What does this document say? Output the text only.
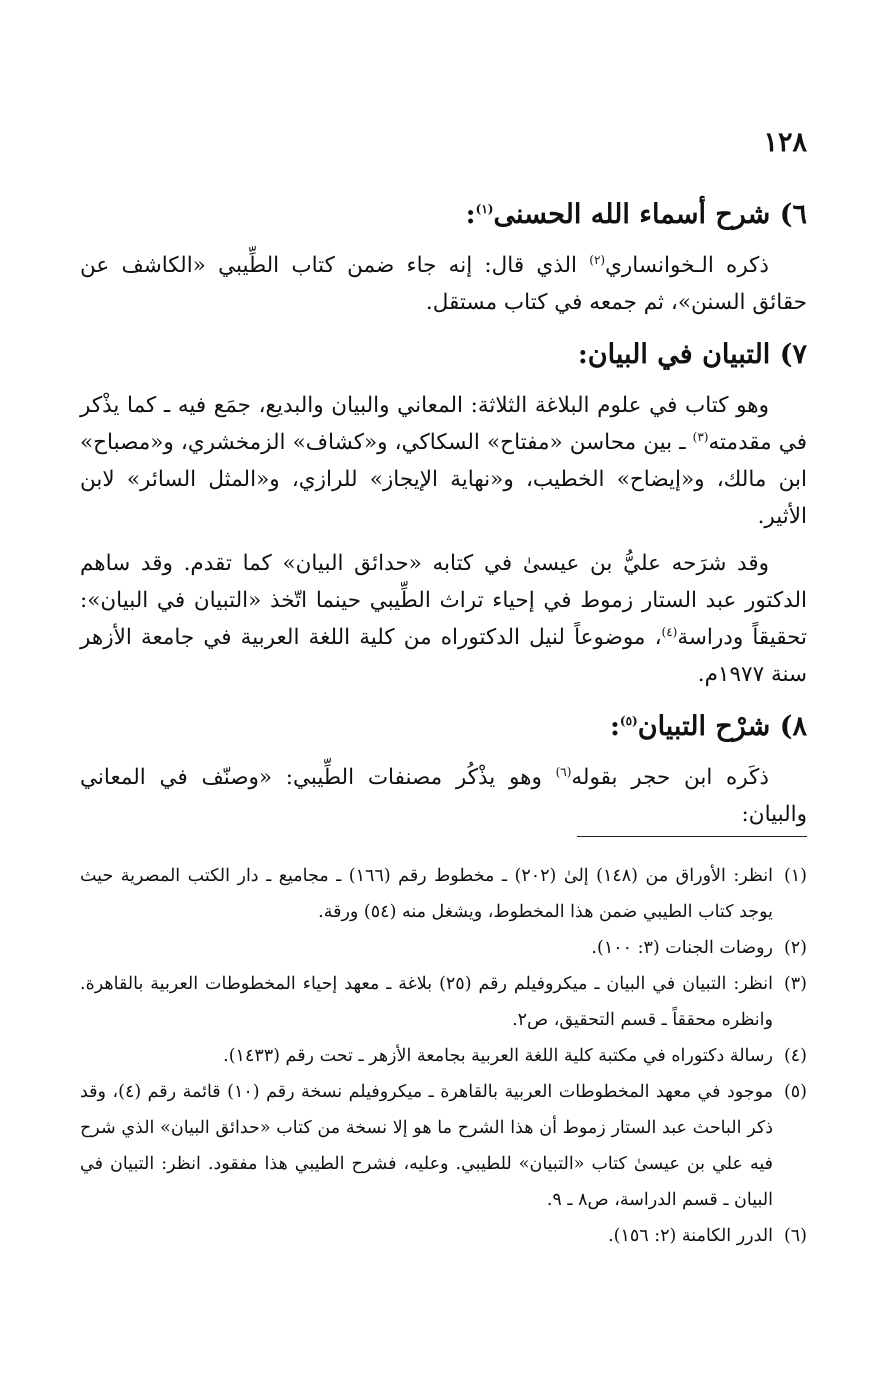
١٢٨
٦) شرح أسماء الله الحسنى$^{(١)}$:

ذكره الـخوانساري$^{(٢)}$ الذي قال: إنه جاء ضمن كتاب الطِّيبي «الكاشف عن حقائق السنن»، ثم جمعه في كتاب مستقل.

٧) التبيان في البيان:

وهو كتاب في علوم البلاغة الثلاثة: المعاني والبيان والبديع، جمَع فيه ـ كما يذْكر في مقدمته$^{(٣)}$ ـ بين محاسن «مفتاح» السكاكي، و«كشاف» الزمخشري، و«مصباح» ابن مالك، و«إيضاح» الخطيب، و«نهاية الإيجاز» للرازي، و«المثل السائر» لابن الأثير.

وقد شرَحه عليُّ بن عيسىٰ في كتابه «حدائق البيان» كما تقدم. وقد ساهم الدكتور عبد الستار زموط في إحياء تراث الطِّيبي حينما اتّخذ «التبيان في البيان»: تحقيقاً ودراسة$^{(٤)}$، موضوعاً لنيل الدكتوراه من كلية اللغة العربية في جامعة الأزهر سنة ١٩٧٧م.

٨) شرْح التبيان$^{(٥)}$:

ذكَره ابن حجر بقوله$^{(٦)}$ وهو يذْكُر مصنفات الطِّيبي: «وصنّف في المعاني والبيان:

(١)
انظر: الأوراق من (١٤٨) إلىٰ (٢٠٢) ـ مخطوط رقم (١٦٦) ـ مجاميع ـ دار الكتب المصرية حيث يوجد كتاب الطيبي ضمن هذا المخطوط، ويشغل منه (٥٤) ورقة.
(٢)
روضات الجنات (٣: ١٠٠).
(٣)
انظر: التبيان في البيان ـ ميكروفيلم رقم (٢٥) بلاغة ـ معهد إحياء المخطوطات العربية بالقاهرة. وانظره محققاً ـ قسم التحقيق، ص٢.
(٤)
رسالة دكتوراه في مكتبة كلية اللغة العربية بجامعة الأزهر ـ تحت رقم (١٤٣٣).
(٥)
موجود في معهد المخطوطات العربية بالقاهرة ـ ميكروفيلم نسخة رقم (١٠) قائمة رقم (٤)، وقد ذكر الباحث عبد الستار زموط أن هذا الشرح ما هو إلا نسخة من كتاب «حدائق البيان» الذي شرح فيه علي بن عيسىٰ كتاب «التبيان» للطيبي. وعليه، فشرح الطيبي هذا مفقود. انظر: التبيان في البيان ـ قسم الدراسة، ص٨ ـ ٩.
(٦)
الدرر الكامنة (٢: ١٥٦).
